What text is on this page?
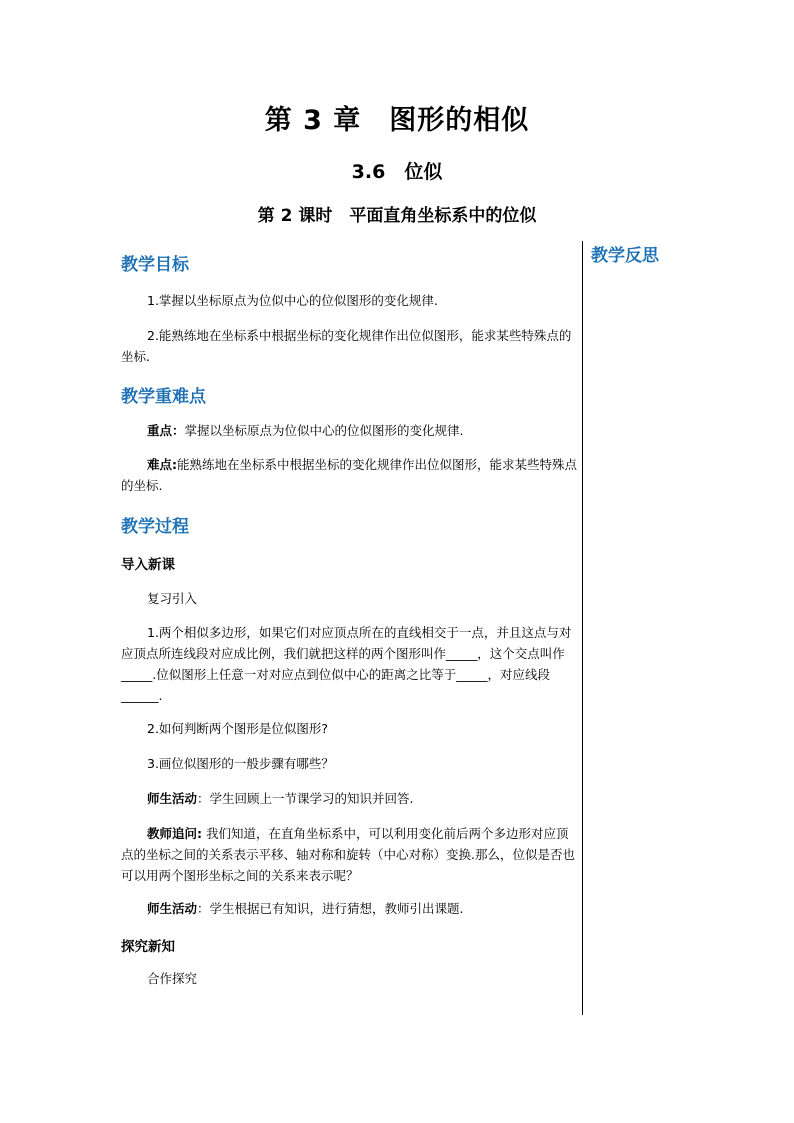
第 3 章　图形的相似
3.6　位似
第 2 课时　平面直角坐标系中的位似
教学反思
教学目标

1.掌握以坐标原点为位似中心的位似图形的变化规律.

2.能熟练地在坐标系中根据坐标的变化规律作出位似图形，能求某些特殊点的坐标.

教学重难点

重点：掌握以坐标原点为位似中心的位似图形的变化规律.

难点:能熟练地在坐标系中根据坐标的变化规律作出位似图形，能求某些特殊点的坐标.

教学过程
导入新课

复习引入

1.两个相似多边形，如果它们对应顶点所在的直线相交于一点，并且这点与对应顶点所连线段对应成比例，我们就把这样的两个图形叫作_____，这个交点叫作_____.位似图形上任意一对对应点到位似中心的距离之比等于_____，对应线段______.

2.如何判断两个图形是位似图形?

3.画位似图形的一般步骤有哪些？

师生活动：学生回顾上一节课学习的知识并回答.

教师追问: 我们知道，在直角坐标系中，可以利用变化前后两个多边形对应顶点的坐标之间的关系表示平移、轴对称和旋转（中心对称）变换.那么，位似是否也可以用两个图形坐标之间的关系来表示呢？

师生活动：学生根据已有知识，进行猜想，教师引出课题.

探究新知

合作探究
